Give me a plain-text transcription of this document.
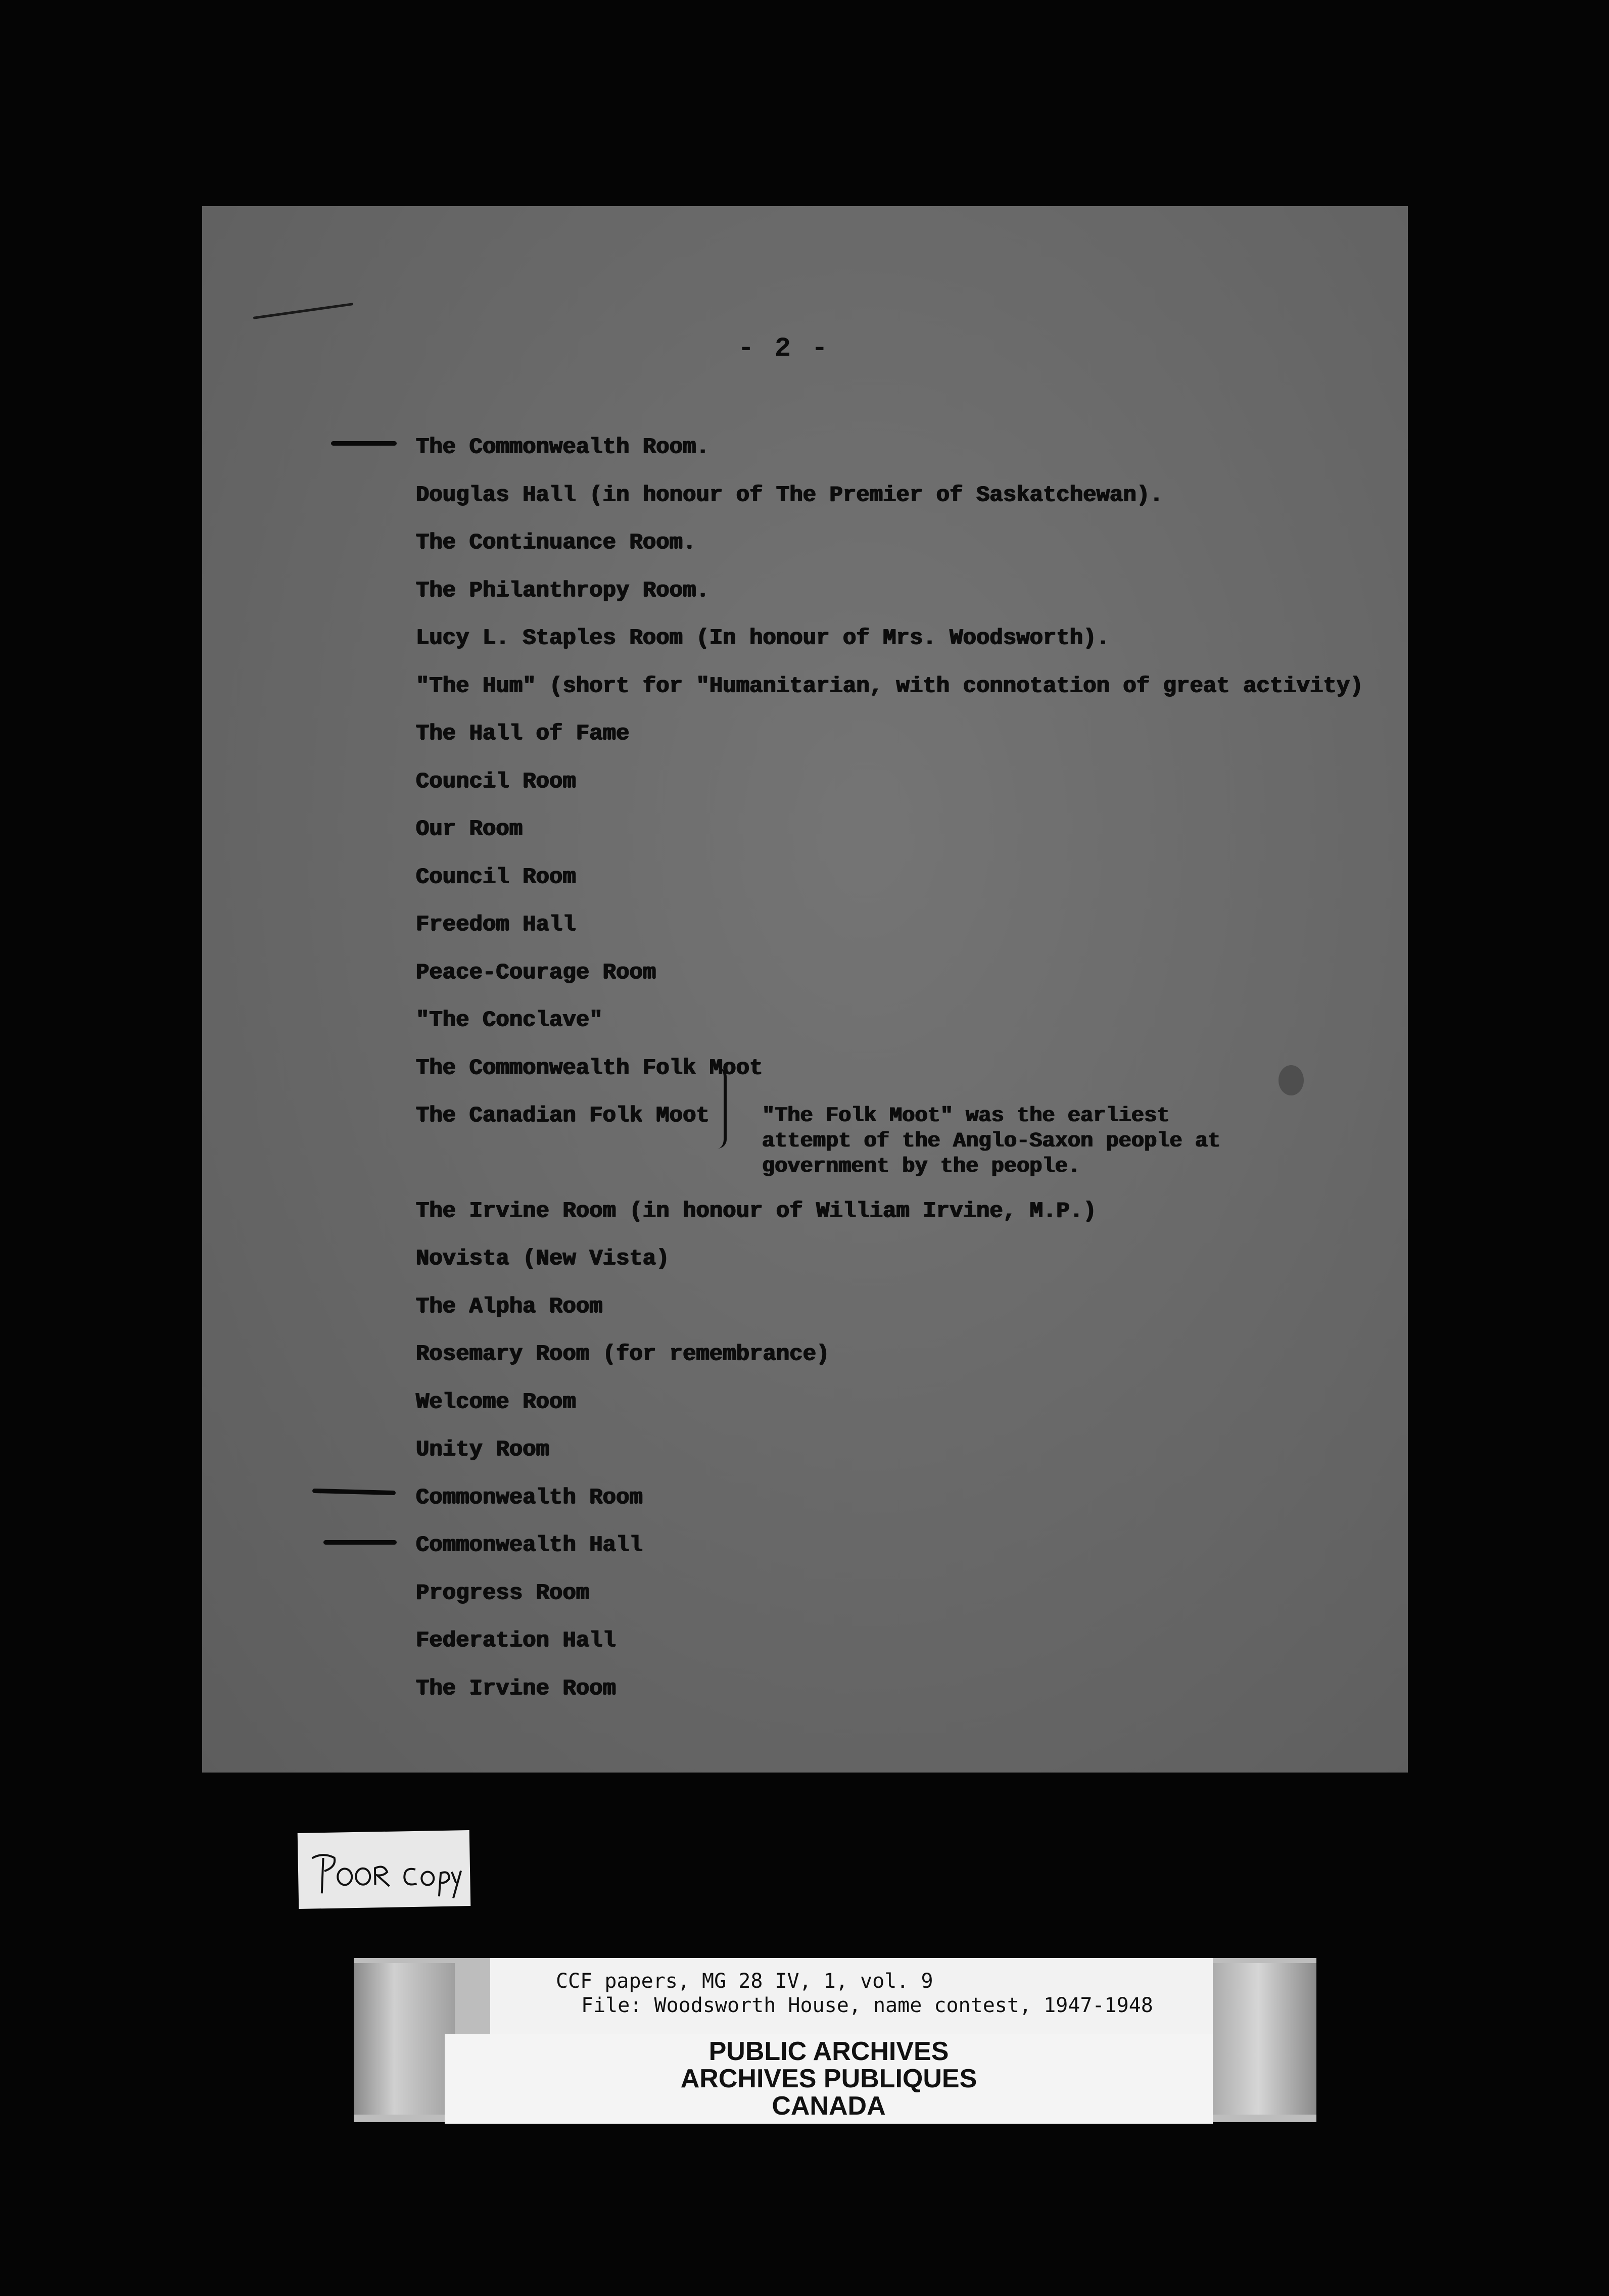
- 2 -
The Commonwealth Room.
Douglas Hall (in honour of The Premier of Saskatchewan).
The Continuance Room.
The Philanthropy Room.
Lucy L. Staples Room (In honour of Mrs. Woodsworth).
"The Hum" (short for "Humanitarian, with connotation of great activity)
The Hall of Fame
Council Room
Our Room
Council Room
Freedom Hall
Peace-Courage Room
"The Conclave"
The Commonwealth Folk Moot
The Canadian Folk Moot
The Irvine Room (in honour of William Irvine, M.P.)
Novista (New Vista)
The Alpha Room
Rosemary Room (for remembrance)
Welcome Room
Unity Room
Commonwealth Room
Commonwealth Hall
Progress Room
Federation Hall
The Irvine Room
"The Folk Moot" was the earliest attempt of the Anglo-Saxon people at government by the people.
CCF papers, MG 28 IV, 1, vol. 9
File: Woodsworth House, name contest, 1947-1948
PUBLIC ARCHIVES
ARCHIVES PUBLIQUES
CANADA
